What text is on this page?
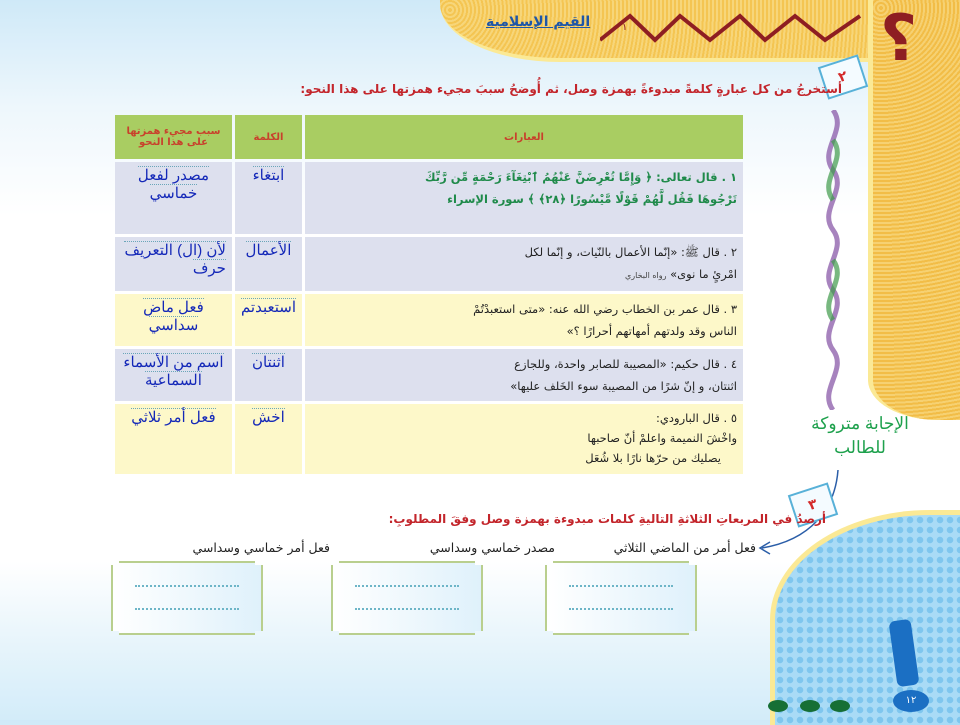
القيم الإسلامية	١	؟
٢
أستخرجُ من كل عبارةٍ كلمةً مبدوءةً بهمزة وصل، ثم أُوضحُ سببَ مجيء همزتها على هذا النحو:
العبارات	الكلمة	سبب مجيء همزتها
على هذا النحو

١ . قال تعالى: ﴿ وَإِمَّا تُعْرِضَنَّ عَنْهُمُ ٱبْتِغَآءَ رَحْمَةٍ مِّن رَّبِّكَ
تَرْجُوهَا فَقُل لَّهُمْ قَوْلًا مَّيْسُورًا ﴿٢٨﴾ ﴾ سورة الإسراء	ابتغاء	مصدر لفعل خماسي

٢ . قال ﷺ: «إنّما الأعمال بالنّيات، و إنّما لكل
امْرئٍ ما نوى» رواه البخاري	الأعمال	لأن (ال) التعريف حرف

٣ . قال عمر بن الخطاب رضي الله عنه: «متى استعبدْتُمْ
الناس وقد ولدتهم أمهاتهم أحرارًا ؟»	استعبدتم	فعل ماض سداسي

٤ . قال حكيم: «المصيبة للصابر واحدة، وللجازع
اثنتان، و إنّ شرًا من المصيبة سوء الخَلف عليها»	اثنتان	اسم من الأسماء السماعية

٥ . قال البارودي:
واخْشَ النميمة واعلمْ أنّ صاحبها
يصليك من حرّها نارًا بلا شُعَل	اخش	فعل أمر ثلاثي	الإجابة متروكة
للطالب
٣
أرصدُ في المربعاتِ الثلاثةِ التاليةِ كلمات مبدوءة بهمزة وصل وفقَ المطلوبِ:
فعل أمر من الماضي الثلاثي
مصدر خماسي وسداسي
فعل أمر خماسي وسداسي
١٢
